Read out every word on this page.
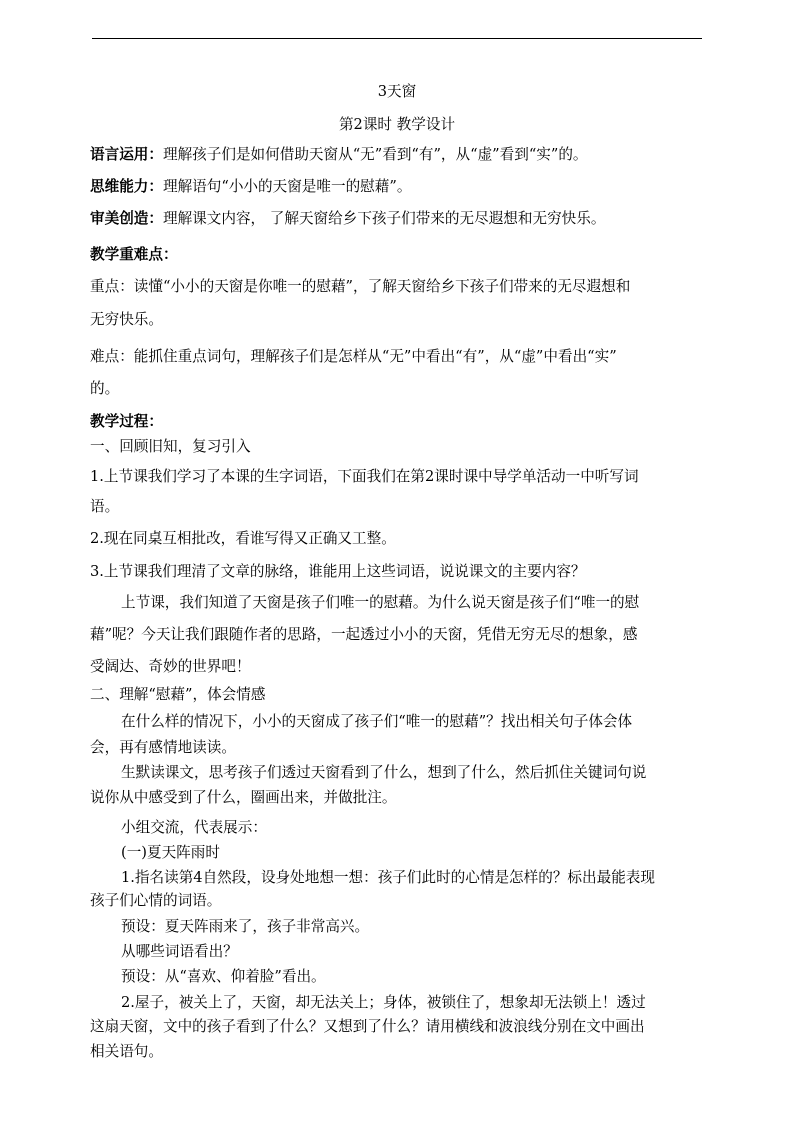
3天窗
第2课时 教学设计
语言运用：理解孩子们是如何借助天窗从“无”看到“有”，从“虚”看到“实”的。
思维能力：理解语句“小小的天窗是唯一的慰藉”。
审美创造：理解课文内容， 了解天窗给乡下孩子们带来的无尽遐想和无穷快乐。
教学重难点：
重点：读懂“小小的天窗是你唯一的慰藉”，了解天窗给乡下孩子们带来的无尽遐想和
无穷快乐。
难点：能抓住重点词句，理解孩子们是怎样从“无”中看出“有”，从“虚”中看出“实”
的。
教学过程：
一、回顾旧知，复习引入
1.上节课我们学习了本课的生字词语，下面我们在第2课时课中导学单活动一中听写词
语。
2.现在同桌互相批改，看谁写得又正确又工整。
3.上节课我们理清了文章的脉络，谁能用上这些词语，说说课文的主要内容？
上节课，我们知道了天窗是孩子们唯一的慰藉。为什么说天窗是孩子们“唯一的慰
藉”呢？今天让我们跟随作者的思路，一起透过小小的天窗，凭借无穷无尽的想象，感
受阔达、奇妙的世界吧！
二、理解“慰藉”，体会情感
在什么样的情况下，小小的天窗成了孩子们“唯一的慰藉”？找出相关句子体会体
会，再有感情地读读。
生默读课文，思考孩子们透过天窗看到了什么，想到了什么，然后抓住关键词句说
说你从中感受到了什么，圈画出来，并做批注。
小组交流，代表展示：
(一)夏天阵雨时
1.指名读第4自然段，设身处地想一想：孩子们此时的心情是怎样的？标出最能表现
孩子们心情的词语。
预设：夏天阵雨来了，孩子非常高兴。
从哪些词语看出？
预设：从“喜欢、仰着脸”看出。
2.屋子，被关上了，天窗，却无法关上；身体，被锁住了，想象却无法锁上！透过
这扇天窗，文中的孩子看到了什么？又想到了什么？请用横线和波浪线分别在文中画出
相关语句。
